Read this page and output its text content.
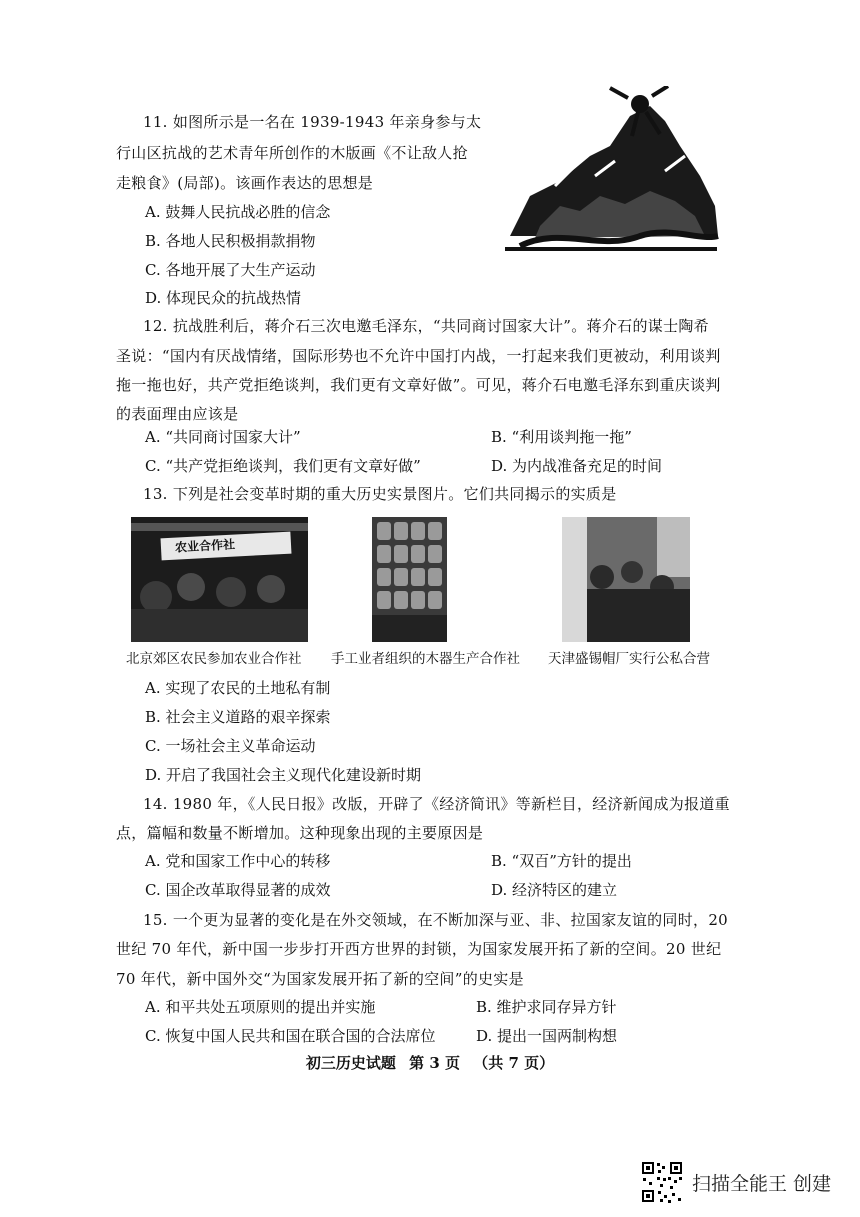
11. 如图所示是一名在 1939-1943 年亲身参与太
行山区抗战的艺术青年所创作的木版画《不让敌人抢
走粮食》(局部)。该画作表达的思想是
A. 鼓舞人民抗战必胜的信念
B. 各地人民积极捐款捐物
C. 各地开展了大生产运动
D. 体现民众的抗战热情
12. 抗战胜利后，蒋介石三次电邀毛泽东，“共同商讨国家大计”。蒋介石的谋士陶希
圣说：“国内有厌战情绪，国际形势也不允许中国打内战，一打起来我们更被动，利用谈判
拖一拖也好，共产党拒绝谈判，我们更有文章好做”。可见，蒋介石电邀毛泽东到重庆谈判
的表面理由应该是
A. “共同商讨国家大计”	B. “利用谈判拖一拖”
C. “共产党拒绝谈判，我们更有文章好做”	D. 为内战准备充足的时间
13. 下列是社会变革时期的重大历史实景图片。它们共同揭示的实质是
农业合作社
北京郊区农民参加农业合作社 手工业者组织的木器生产合作社 天津盛锡帽厂实行公私合营
A. 实现了农民的土地私有制
B. 社会主义道路的艰辛探索
C. 一场社会主义革命运动
D. 开启了我国社会主义现代化建设新时期
14. 1980 年，《人民日报》改版，开辟了《经济简讯》等新栏目，经济新闻成为报道重
点，篇幅和数量不断增加。这种现象出现的主要原因是
A. 党和国家工作中心的转移	B. “双百”方针的提出
C. 国企改革取得显著的成效	D. 经济特区的建立
15. 一个更为显著的变化是在外交领域，在不断加深与亚、非、拉国家友谊的同时，20
世纪 70 年代，新中国一步步打开西方世界的封锁，为国家发展开拓了新的空间。20 世纪
70 年代，新中国外交“为国家发展开拓了新的空间”的史实是
A. 和平共处五项原则的提出并实施	B. 维护求同存异方针
C. 恢复中国人民共和国在联合国的合法席位	D. 提出一国两制构想
初三历史试题 第 3 页 （共 7 页）
扫描全能王 创建
